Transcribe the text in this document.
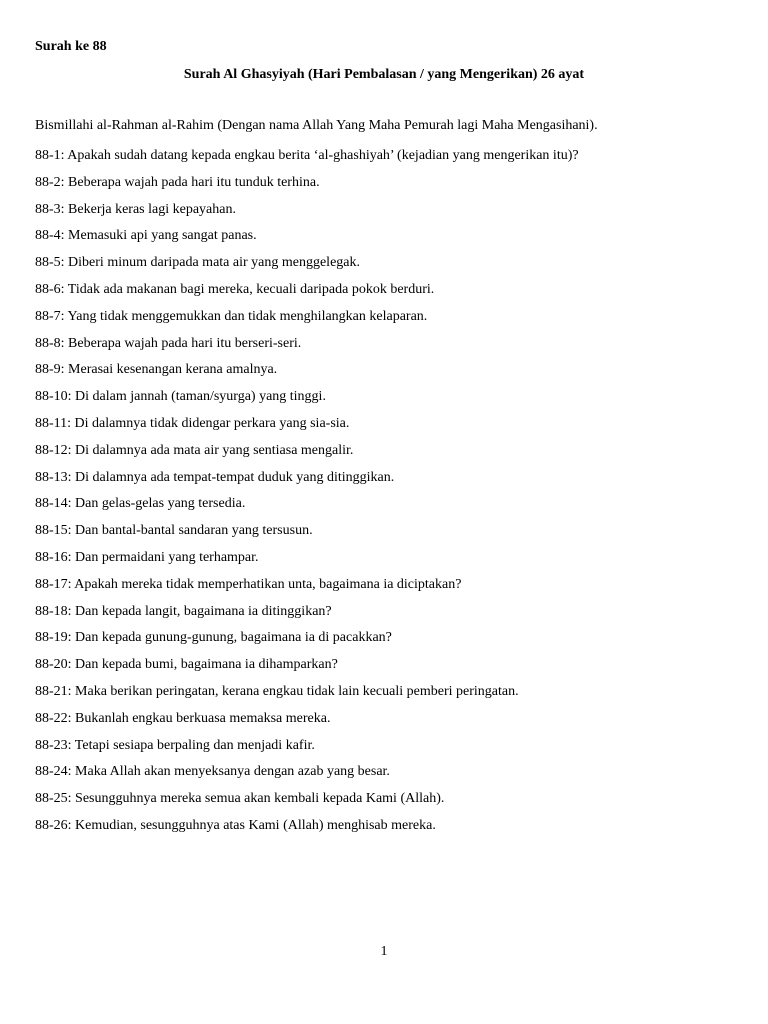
Surah ke 88
Surah Al Ghasyiyah (Hari Pembalasan / yang Mengerikan) 26 ayat
Bismillahi al-Rahman al-Rahim (Dengan nama Allah Yang Maha Pemurah lagi Maha Mengasihani).
88-1: Apakah sudah datang kepada engkau berita ‘al-ghashiyah’ (kejadian yang mengerikan itu)?
88-2: Beberapa wajah pada hari itu tunduk terhina.
88-3: Bekerja keras lagi kepayahan.
88-4: Memasuki api yang sangat panas.
88-5: Diberi minum daripada mata air yang menggelegak.
88-6: Tidak ada makanan bagi mereka, kecuali daripada pokok berduri.
88-7: Yang tidak menggemukkan dan tidak menghilangkan kelaparan.
88-8: Beberapa wajah pada hari itu berseri-seri.
88-9: Merasai kesenangan kerana amalnya.
88-10: Di dalam jannah (taman/syurga) yang tinggi.
88-11: Di dalamnya tidak didengar perkara yang sia-sia.
88-12: Di dalamnya ada mata air yang sentiasa mengalir.
88-13: Di dalamnya ada tempat-tempat duduk yang ditinggikan.
88-14: Dan gelas-gelas yang tersedia.
88-15: Dan bantal-bantal sandaran yang tersusun.
88-16: Dan permaidani yang terhampar.
88-17: Apakah mereka tidak memperhatikan unta, bagaimana ia diciptakan?
88-18: Dan kepada langit, bagaimana ia ditinggikan?
88-19: Dan kepada gunung-gunung, bagaimana ia di pacakkan?
88-20: Dan kepada bumi, bagaimana ia dihamparkan?
88-21: Maka berikan peringatan, kerana engkau tidak lain kecuali pemberi peringatan.
88-22: Bukanlah engkau berkuasa memaksa mereka.
88-23: Tetapi sesiapa berpaling dan menjadi kafir.
88-24: Maka Allah akan menyeksanya dengan azab yang besar.
88-25: Sesungguhnya mereka semua akan kembali kepada Kami (Allah).
88-26: Kemudian, sesungguhnya atas Kami (Allah) menghisab mereka.
1
